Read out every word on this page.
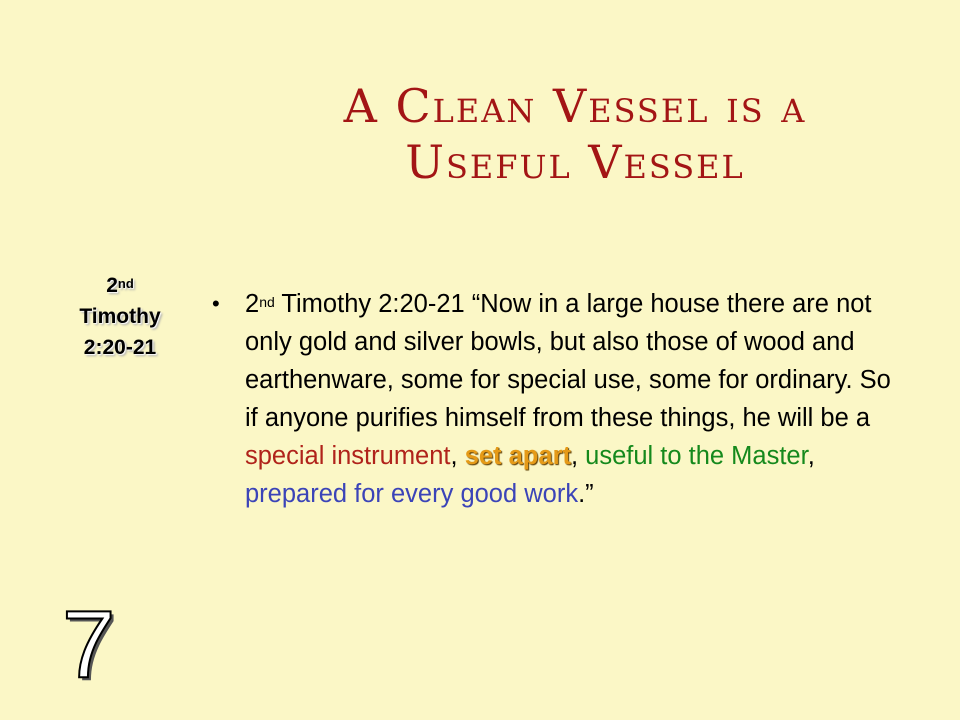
A Clean Vessel is a
Useful Vessel
2nd
Timothy
2:20-21
• 2nd Timothy 2:20-21 “Now in a large house there are not only gold and silver bowls, but also those of wood and earthenware, some for special use, some for ordinary. So if anyone purifies himself from these things, he will be a special instrument, set apart, useful to the Master, prepared for every good work.”
7
